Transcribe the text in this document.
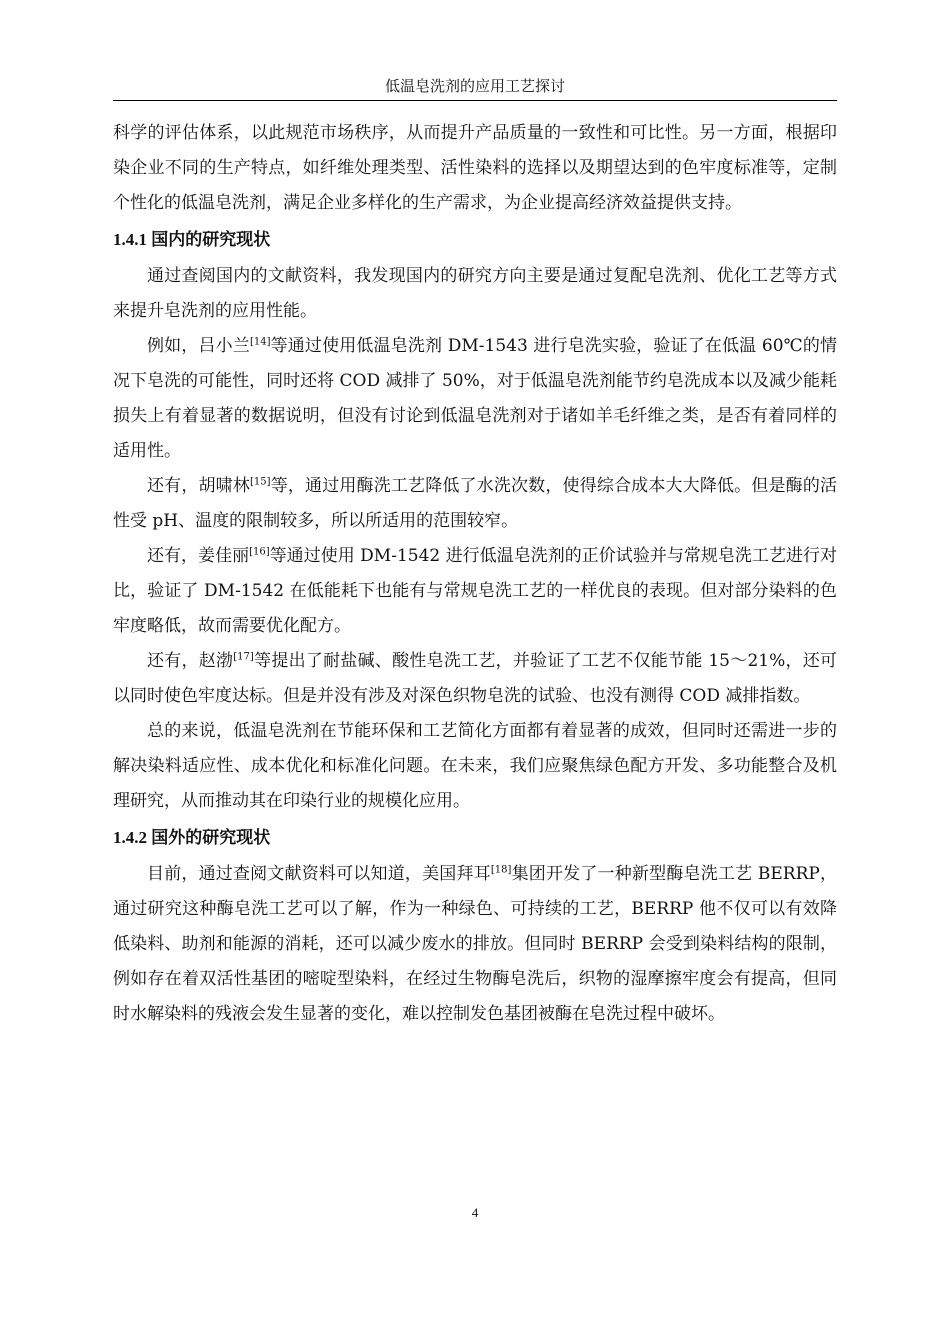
低温皂洗剂的应用工艺探讨

科学的评估体系，以此规范市场秩序，从而提升产品质量的一致性和可比性。另一方面，根据印染企业不同的生产特点，如纤维处理类型、活性染料的选择以及期望达到的色牢度标准等，定制个性化的低温皂洗剂，满足企业多样化的生产需求，为企业提高经济效益提供支持。

1.4.1 国内的研究现状

通过查阅国内的文献资料，我发现国内的研究方向主要是通过复配皂洗剂、优化工艺等方式来提升皂洗剂的应用性能。

例如，吕小兰[14]等通过使用低温皂洗剂 DM-1543 进行皂洗实验，验证了在低温 60℃的情况下皂洗的可能性，同时还将 COD 减排了 50%，对于低温皂洗剂能节约皂洗成本以及减少能耗损失上有着显著的数据说明，但没有讨论到低温皂洗剂对于诸如羊毛纤维之类，是否有着同样的适用性。

还有，胡啸林[15]等，通过用酶洗工艺降低了水洗次数，使得综合成本大大降低。但是酶的活性受 pH、温度的限制较多，所以所适用的范围较窄。

还有，姜佳丽[16]等通过使用 DM-1542 进行低温皂洗剂的正价试验并与常规皂洗工艺进行对比，验证了 DM-1542 在低能耗下也能有与常规皂洗工艺的一样优良的表现。但对部分染料的色牢度略低，故而需要优化配方。

还有，赵渤[17]等提出了耐盐碱、酸性皂洗工艺，并验证了工艺不仅能节能 15～21%，还可以同时使色牢度达标。但是并没有涉及对深色织物皂洗的试验、也没有测得 COD 减排指数。

总的来说，低温皂洗剂在节能环保和工艺简化方面都有着显著的成效，但同时还需进一步的解决染料适应性、成本优化和标准化问题。在未来，我们应聚焦绿色配方开发、多功能整合及机理研究，从而推动其在印染行业的规模化应用。

1.4.2 国外的研究现状

目前，通过查阅文献资料可以知道，美国拜耳[18]集团开发了一种新型酶皂洗工艺 BERRP，通过研究这种酶皂洗工艺可以了解，作为一种绿色、可持续的工艺，BERRP 他不仅可以有效降低染料、助剂和能源的消耗，还可以减少废水的排放。但同时 BERRP 会受到染料结构的限制，例如存在着双活性基团的嘧啶型染料，在经过生物酶皂洗后，织物的湿摩擦牢度会有提高，但同时水解染料的残液会发生显著的变化，难以控制发色基团被酶在皂洗过程中破坏。

4
